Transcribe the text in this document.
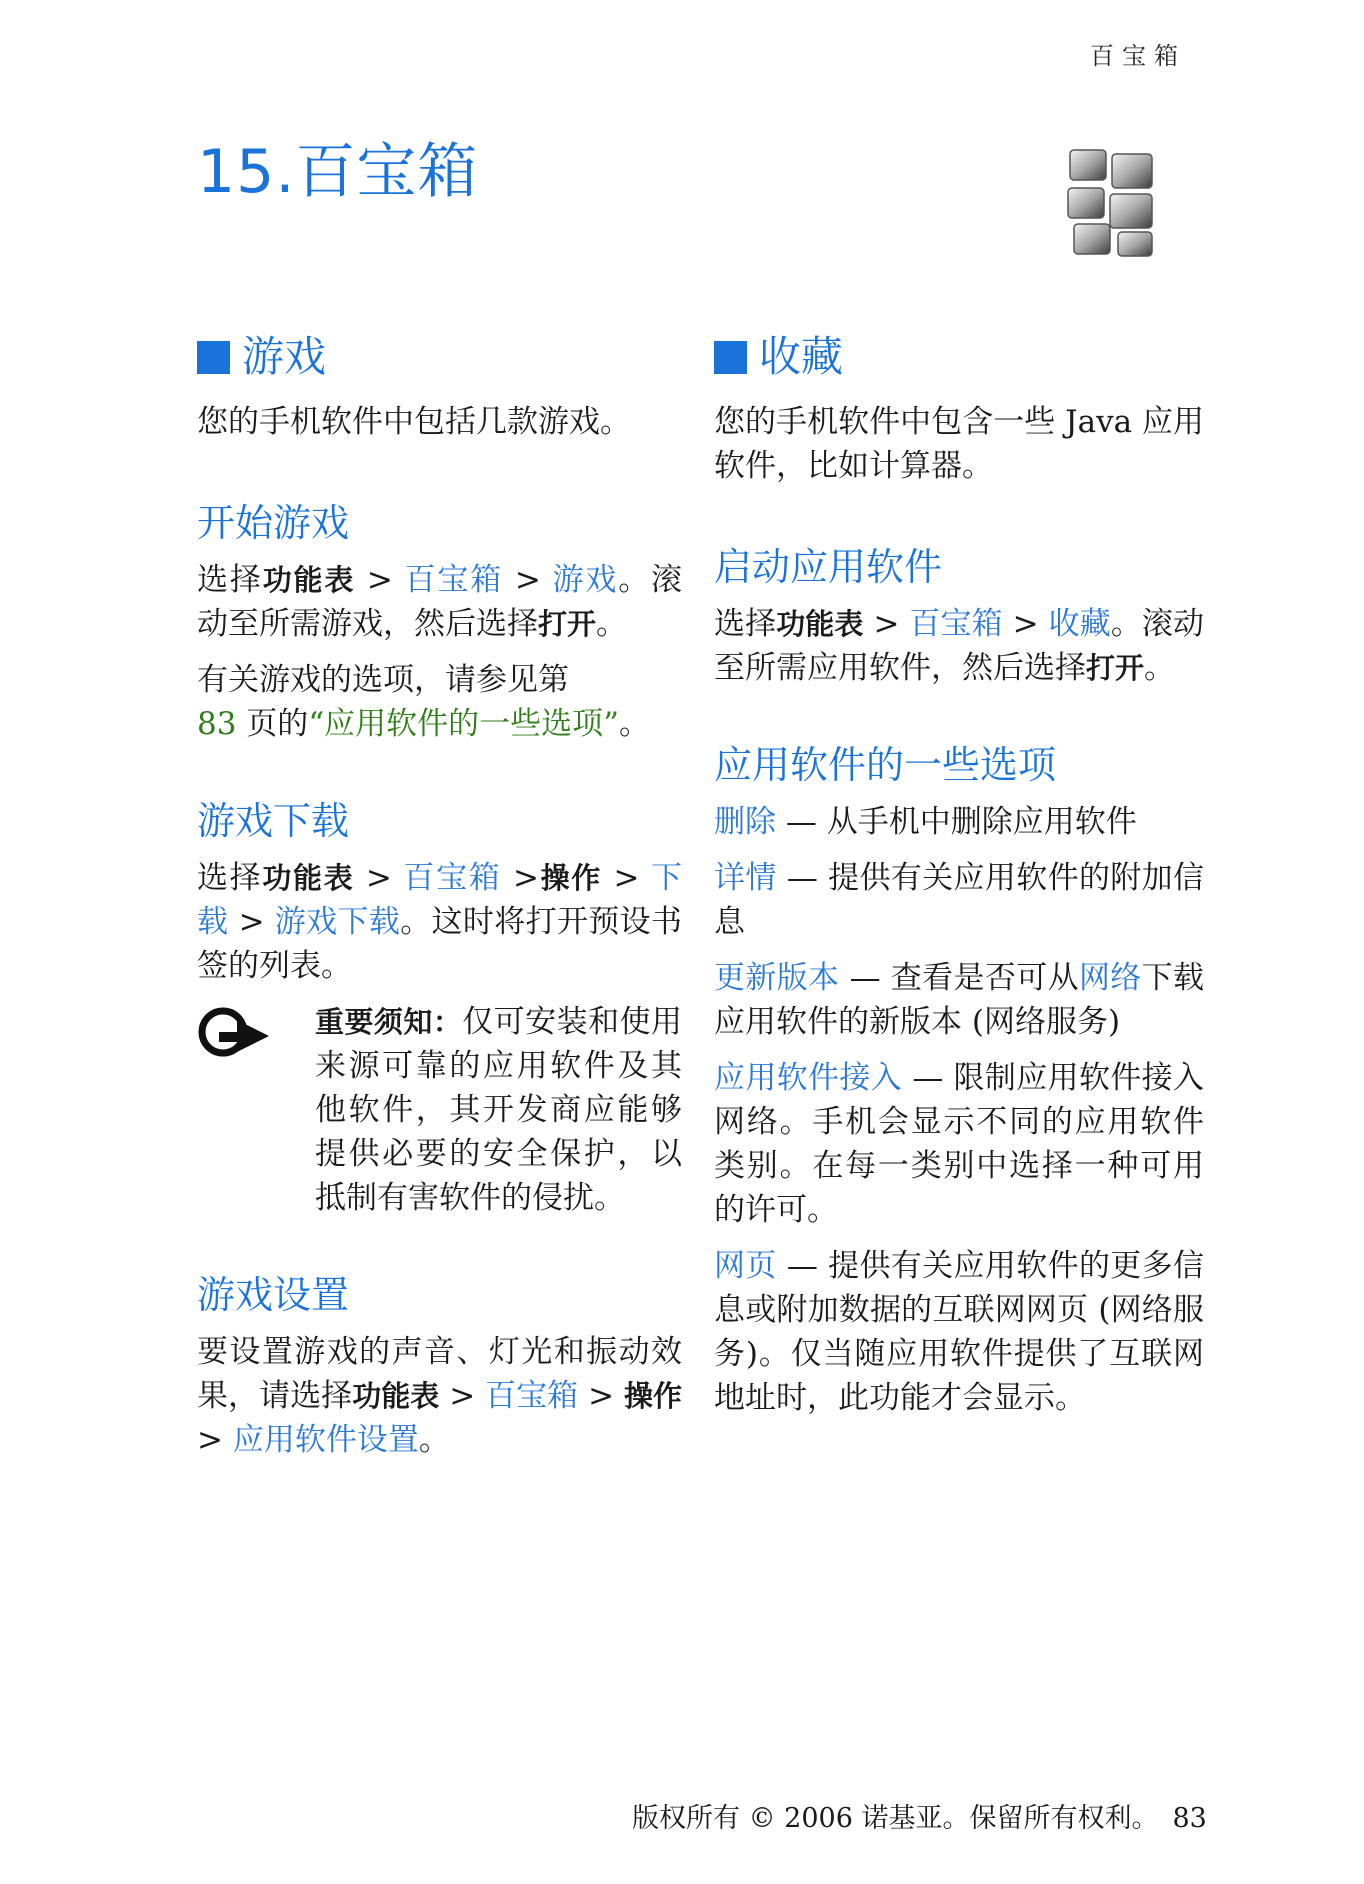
百宝箱
15.百宝箱
游戏

您的手机软件中包括几款游戏。

开始游戏

选择功能表 > 百宝箱 > 游戏。滚动至所需游戏，然后选择打开。

有关游戏的选项，请参见第
83 页的“应用软件的一些选项”。

游戏下载

选择功能表 > 百宝箱 >操作 > 下载 > 游戏下载。这时将打开预设书签的列表。

重要须知：仅可安装和使用来源可靠的应用软件及其他软件，其开发商应能够提供必要的安全保护，以抵制有害软件的侵扰。

游戏设置

要设置游戏的声音、灯光和振动效果，请选择功能表 > 百宝箱 > 操作 > 应用软件设置。

收藏

您的手机软件中包含一些 Java 应用软件，比如计算器。

启动应用软件

选择功能表 > 百宝箱 > 收藏。滚动至所需应用软件，然后选择打开。

应用软件的一些选项

删除 — 从手机中删除应用软件

详情 — 提供有关应用软件的附加信息

更新版本 — 查看是否可从网络下载应用软件的新版本 (网络服务)

应用软件接入 — 限制应用软件接入网络。手机会显示不同的应用软件类别。在每一类别中选择一种可用的许可。

网页 — 提供有关应用软件的更多信息或附加数据的互联网网页 (网络服务)。仅当随应用软件提供了互联网地址时，此功能才会显示。

版权所有 © 2006 诺基亚。保留所有权利。 83
